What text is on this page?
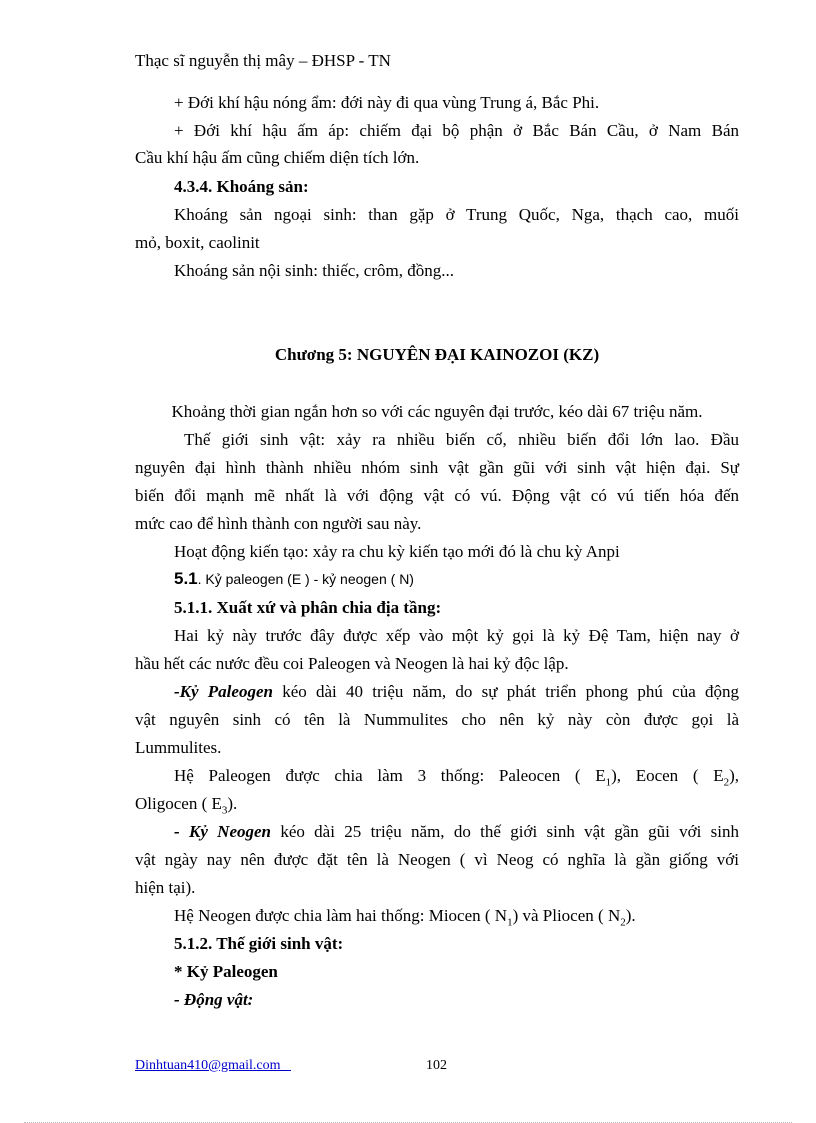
Thạc sĩ nguyễn thị mây – ĐHSP - TN
+ Đới khí hậu nóng ẩm: đới này đi qua vùng Trung á, Bắc Phi.
+ Đới khí hậu ấm áp: chiếm đại bộ phận ở Bắc Bán Cầu, ở Nam Bán
Cầu khí hậu ấm cũng chiếm diện tích lớn.
4.3.4. Khoáng sản:
Khoáng sản ngoại sinh: than gặp ở Trung Quốc, Nga, thạch cao, muối
mỏ, boxit, caolinit
Khoáng sản nội sinh: thiếc, crôm, đồng...
Chương 5: NGUYÊN ĐẠI KAINOZOI (KZ)
Khoảng thời gian ngắn hơn so với các nguyên đại trước, kéo dài 67 triệu năm.
Thế giới sinh vật: xảy ra nhiều biến cố, nhiều biến đổi lớn lao. Đầu
nguyên đại hình thành nhiều nhóm sinh vật gần gũi với sinh vật hiện đại. Sự
biến đổi mạnh mẽ nhất là với động vật có vú. Động vật có vú tiến hóa đến
mức cao để hình thành con người sau này.
Hoạt động kiến tạo: xảy ra chu kỳ kiến tạo mới đó là chu kỳ Anpi
5.1. Kỷ paleogen (E ) - kỷ neogen ( N)
5.1.1. Xuất xứ và phân chia địa tầng:
Hai kỷ này trước đây được xếp vào một kỷ gọi là kỷ Đệ Tam, hiện nay ở
hầu hết các nước đều coi Paleogen và Neogen là hai kỷ độc lập.
-Kỷ Paleogen kéo dài 40 triệu năm, do sự phát triển phong phú của động
vật nguyên sinh có tên là Nummulites cho nên kỷ này còn được gọi là
Lummulites.
Hệ Paleogen được chia làm 3 thống: Paleocen ( $E_1$), Eocen ( $E_2$),
Oligocen ( $E_3$).
- Kỷ Neogen kéo dài 25 triệu năm, do thế giới sinh vật gần gũi với sinh
vật ngày nay nên được đặt tên là Neogen ( vì Neog có nghĩa là gần giống với
hiện tại).
Hệ Neogen được chia làm hai thống: Miocen ( $N_1$) và Pliocen ( $N_2$).
5.1.2. Thế giới sinh vật:
* Kỷ Paleogen
- Động vật:
Dinhtuan410@gmail.com	102
